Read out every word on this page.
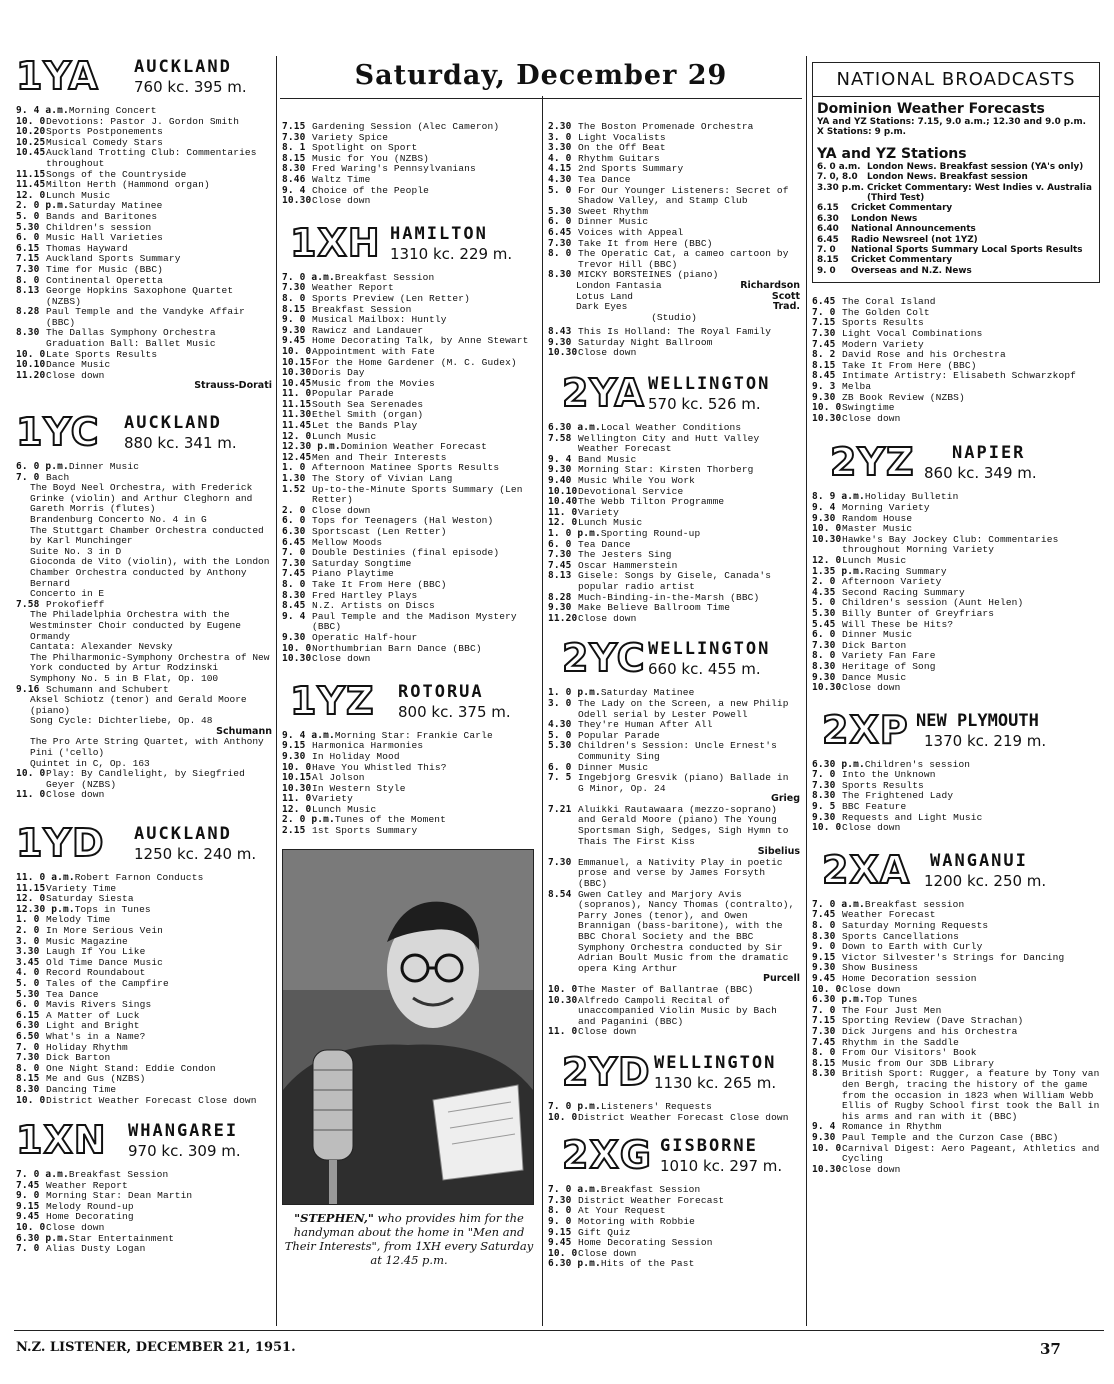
1YA AUCKLAND
760 kc. 395 m.
9. 4 a.m. Morning Concert
10. 0 Devotions: Pastor J. Gordon Smith
10.20 Sports Postponements
10.25 Musical Comedy Stars
10.45 Auckland Trotting Club: Commentaries throughout
11.15 Songs of the Countryside
11.45 Milton Herth (Hammond organ)
12. 0 Lunch Music
2. 0 p.m. Saturday Matinee
5. 0 Bands and Baritones
5.30 Children's session
6. 0 Music Hall Varieties
6.15 Thomas Hayward
7.15 Auckland Sports Summary
7.30 Time for Music (BBC)
8. 0 Continental Operetta
8.13 George Hopkins Saxophone Quartet (NZBS)
8.28 Paul Temple and the Vandyke Affair (BBC)
8.30 The Dallas Symphony Orchestra Graduation Ball: Ballet Music
10. 0 Late Sports Results
10.10 Dance Music
11.20 Close down
Strauss-Dorati
1YC AUCKLAND
880 kc. 341 m.
6. 0 p.m. Dinner Music
7. 0 Bach
The Boyd Neel Orchestra, with Frederick Grinke (violin) and Arthur Cleghorn and Gareth Morris (flutes)
Brandenburg Concerto No. 4 in G
The Stuttgart Chamber Orchestra conducted by Karl Munchinger
Suite No. 3 in D
Gioconda de Vito (violin), with the London Chamber Orchestra conducted by Anthony Bernard
Concerto in E
7.58 Prokofieff
The Philadelphia Orchestra with the Westminster Choir conducted by Eugene Ormandy
Cantata: Alexander Nevsky
The Philharmonic-Symphony Orchestra of New York conducted by Artur Rodzinski
Symphony No. 5 in B Flat, Op. 100
9.16 Schumann and Schubert
Aksel Schiotz (tenor) and Gerald Moore (piano)
Song Cycle: Dichterliebe, Op. 48
Schumann
The Pro Arte String Quartet, with Anthony Pini ('cello)
Quintet in C, Op. 163
10. 0 Play: By Candlelight, by Siegfried Geyer (NZBS)
11. 0 Close down
1YD AUCKLAND
1250 kc. 240 m.
11. 0 a.m. Robert Farnon Conducts
11.15 Variety Time
12. 0 Saturday Siesta
12.30 p.m. Tops in Tunes
1. 0 Melody Time
2. 0 In More Serious Vein
3. 0 Music Magazine
3.30 Laugh If You Like
3.45 Old Time Dance Music
4. 0 Record Roundabout
5. 0 Tales of the Campfire
5.30 Tea Dance
6. 0 Mavis Rivers Sings
6.15 A Matter of Luck
6.30 Light and Bright
6.50 What's in a Name?
7. 0 Holiday Rhythm
7.30 Dick Barton
8. 0 One Night Stand: Eddie Condon
8.15 Me and Gus (NZBS)
8.30 Dancing Time
10. 0 District Weather Forecast Close down
1XN WHANGAREI
970 kc. 309 m.
7. 0 a.m. Breakfast Session
7.45 Weather Report
9. 0 Morning Star: Dean Martin
9.15 Melody Round-up
9.45 Home Decorating
10. 0 Close down
6.30 p.m. Star Entertainment
7. 0 Alias Dusty Logan
7.15 Gardening Session (Alec Cameron)
7.30 Variety Spice
8. 1 Spotlight on Sport
8.15 Music for You (NZBS)
8.30 Fred Waring's Pennsylvanians
8.46 Waltz Time
9. 4 Choice of the People
10.30 Close down
1XH HAMILTON
1310 kc. 229 m.
7. 0 a.m. Breakfast Session
7.30 Weather Report
8. 0 Sports Preview (Len Retter)
8.15 Breakfast Session
9. 0 Musical Mailbox: Huntly
9.30 Rawicz and Landauer
9.45 Home Decorating Talk, by Anne Stewart
10. 0 Appointment with Fate
10.15 For the Home Gardener (M. C. Gudex)
10.30 Doris Day
10.45 Music from the Movies
11. 0 Popular Parade
11.15 South Sea Serenades
11.30 Ethel Smith (organ)
11.45 Let the Bands Play
12. 0 Lunch Music
12.30 p.m. Dominion Weather Forecast
12.45 Men and Their Interests
1. 0 Afternoon Matinee Sports Results
1.30 The Story of Vivian Lang
1.52 Up-to-the-Minute Sports Summary (Len Retter)
2. 0 Close down
6. 0 Tops for Teenagers (Hal Weston)
6.30 Sportscast (Len Retter)
6.45 Mellow Moods
7. 0 Double Destinies (final episode)
7.30 Saturday Songtime
7.45 Piano Playtime
8. 0 Take It From Here (BBC)
8.30 Fred Hartley Plays
8.45 N.Z. Artists on Discs
9. 4 Paul Temple and the Madison Mystery (BBC)
9.30 Operatic Half-hour
10. 0 Northumbrian Barn Dance (BBC)
10.30 Close down
1YZ ROTORUA
800 kc. 375 m.
9. 4 a.m. Morning Star: Frankie Carle
9.15 Harmonica Harmonies
9.30 In Holiday Mood
10. 0 Have You Whistled This?
10.15 Al Jolson
10.30 In Western Style
11. 0 Variety
12. 0 Lunch Music
2. 0 p.m. Tunes of the Moment
2.15 1st Sports Summary
"STEPHEN," who provides him for the handyman about the home in "Men and Their Interests", from 1XH every Saturday at 12.45 p.m.
Saturday, December 29
2.30 The Boston Promenade Orchestra
3. 0 Light Vocalists
3.30 On the Off Beat
4. 0 Rhythm Guitars
4.15 2nd Sports Summary
4.30 Tea Dance
5. 0 For Our Younger Listeners: Secret of Shadow Valley, and Stamp Club
5.30 Sweet Rhythm
6. 0 Dinner Music
6.45 Voices with Appeal
7.30 Take It from Here (BBC)
8. 0 The Operatic Cat, a cameo cartoon by Trevor Hill (BBC)
8.30 MICKY BORSTEINES (piano)
London Fantasia	Richardson
Lotus Land	Scott
Dark Eyes	Trad.
(Studio)
8.43 This Is Holland: The Royal Family
9.30 Saturday Night Ballroom
10.30 Close down
2YA WELLINGTON
570 kc. 526 m.
6.30 a.m. Local Weather Conditions
7.58 Wellington City and Hutt Valley Weather Forecast
9. 4 Band Music
9.30 Morning Star: Kirsten Thorberg
9.40 Music While You Work
10.10 Devotional Service
10.40 The Webb Tilton Programme
11. 0 Variety
12. 0 Lunch Music
1. 0 p.m. Sporting Round-up
6. 0 Tea Dance
7.30 The Jesters Sing
7.45 Oscar Hammerstein
8.13 Gisele: Songs by Gisele, Canada's popular radio artist
8.28 Much-Binding-in-the-Marsh (BBC)
9.30 Make Believe Ballroom Time
11.20 Close down
2YC WELLINGTON
660 kc. 455 m.
1. 0 p.m. Saturday Matinee
3. 0 The Lady on the Screen, a new Philip Odell serial by Lester Powell
4.30 They're Human After All
5. 0 Popular Parade
5.30 Children's Session: Uncle Ernest's Community Sing
6. 0 Dinner Music
7. 5 Ingebjorg Gresvik (piano) Ballade in G Minor, Op. 24
Grieg
7.21 Aluikki Rautawaara (mezzo-soprano) and Gerald Moore (piano) The Young Sportsman Sigh, Sedges, Sigh Hymn to Thais The First Kiss
Sibelius
7.30 Emmanuel, a Nativity Play in poetic prose and verse by James Forsyth (BBC)
8.54 Gwen Catley and Marjory Avis (sopranos), Nancy Thomas (contralto), Parry Jones (tenor), and Owen Brannigan (bass-baritone), with the BBC Choral Society and the BBC Symphony Orchestra conducted by Sir Adrian Boult Music from the dramatic opera King Arthur
Purcell
10. 0 The Master of Ballantrae (BBC)
10.30 Alfredo Campoli Recital of unaccompanied Violin Music by Bach and Paganini (BBC)
11. 0 Close down
2YD WELLINGTON
1130 kc. 265 m.
7. 0 p.m. Listeners' Requests
10. 0 District Weather Forecast Close down
2XG GISBORNE
1010 kc. 297 m.
7. 0 a.m. Breakfast Session
7.30 District Weather Forecast
8. 0 At Your Request
9. 0 Motoring with Robbie
9.15 Gift Quiz
9.45 Home Decorating Session
10. 0 Close down
6.30 p.m. Hits of the Past
NATIONAL BROADCASTS
Dominion Weather Forecasts
YA and YZ Stations: 7.15, 9.0 a.m.; 12.30 and 9.0 p.m.
X Stations: 9 p.m.
YA and YZ Stations
6. 0 a.m. London News. Breakfast session (YA's only)
7. 0, 8.0	London News. Breakfast session
3.30 p.m. Cricket Commentary: West Indies v. Australia (Third Test)
6.15	Cricket Commentary
6.30	London News
6.40	National Announcements
6.45	Radio Newsreel (not 1YZ)
7. 0	National Sports Summary Local Sports Results
8.15	Cricket Commentary
9. 0	Overseas and N.Z. News
6.45 The Coral Island
7. 0 The Golden Colt
7.15 Sports Results
7.30 Light Vocal Combinations
7.45 Modern Variety
8. 2 David Rose and his Orchestra
8.15 Take It From Here (BBC)
8.45 Intimate Artistry: Elisabeth Schwarzkopf
9. 3 Melba
9.30 ZB Book Review (NZBS)
10. 0 Swingtime
10.30 Close down
2YZ NAPIER
860 kc. 349 m.
8. 9 a.m. Holiday Bulletin
9. 4 Morning Variety
9.30 Random House
10. 0 Master Music
10.30 Hawke's Bay Jockey Club: Commentaries throughout Morning Variety
12. 0 Lunch Music
1.35 p.m. Racing Summary
2. 0 Afternoon Variety
4.35 Second Racing Summary
5. 0 Children's session (Aunt Helen)
5.30 Billy Bunter of Greyfriars
5.45 Will These be Hits?
6. 0 Dinner Music
7.30 Dick Barton
8. 0 Variety Fan Fare
8.30 Heritage of Song
9.30 Dance Music
10.30 Close down
2XP NEW PLYMOUTH
1370 kc. 219 m.
6.30 p.m. Children's session
7. 0 Into the Unknown
7.30 Sports Results
8.30 The Frightened Lady
9. 5 BBC Feature
9.30 Requests and Light Music
10. 0 Close down
2XA WANGANUI
1200 kc. 250 m.
7. 0 a.m. Breakfast session
7.45 Weather Forecast
8. 0 Saturday Morning Requests
8.30 Sports Cancellations
9. 0 Down to Earth with Curly
9.15 Victor Silvester's Strings for Dancing
9.30 Show Business
9.45 Home Decoration session
10. 0 Close down
6.30 p.m. Top Tunes
7. 0 The Four Just Men
7.15 Sporting Review (Dave Strachan)
7.30 Dick Jurgens and his Orchestra
7.45 Rhythm in the Saddle
8. 0 From Our Visitors' Book
8.15 Music from Our 3DB Library
8.30 British Sport: Rugger, a feature by Tony van den Bergh, tracing the history of the game from the occasion in 1823 when William Webb Ellis of Rugby School first took the Ball in his arms and ran with it (BBC)
9. 4 Romance in Rhythm
9.30 Paul Temple and the Curzon Case (BBC)
10. 0 Carnival Digest: Aero Pageant, Athletics and Cycling
10.30 Close down
N.Z. LISTENER, DECEMBER 21, 1951.	37
